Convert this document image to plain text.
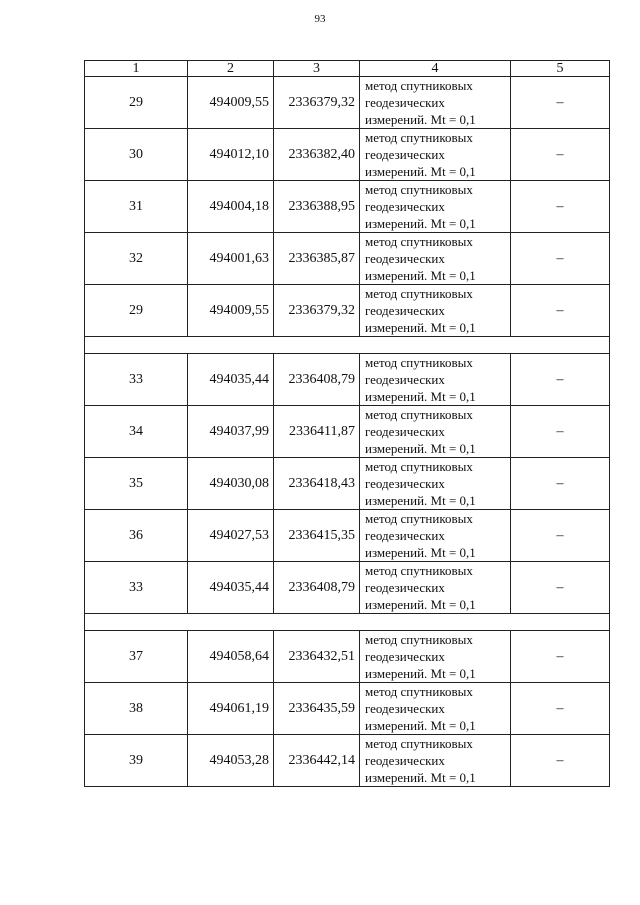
93
1	2	3	4	5
29	494009,55	2336379,32	метод спутниковых
геодезических
измерений. Mt = 0,1	–
30	494012,10	2336382,40	метод спутниковых
геодезических
измерений. Mt = 0,1	–
31	494004,18	2336388,95	метод спутниковых
геодезических
измерений. Mt = 0,1	–
32	494001,63	2336385,87	метод спутниковых
геодезических
измерений. Mt = 0,1	–
29	494009,55	2336379,32	метод спутниковых
геодезических
измерений. Mt = 0,1	–

33	494035,44	2336408,79	метод спутниковых
геодезических
измерений. Mt = 0,1	–
34	494037,99	2336411,87	метод спутниковых
геодезических
измерений. Mt = 0,1	–
35	494030,08	2336418,43	метод спутниковых
геодезических
измерений. Mt = 0,1	–
36	494027,53	2336415,35	метод спутниковых
геодезических
измерений. Mt = 0,1	–
33	494035,44	2336408,79	метод спутниковых
геодезических
измерений. Mt = 0,1	–

37	494058,64	2336432,51	метод спутниковых
геодезических
измерений. Mt = 0,1	–
38	494061,19	2336435,59	метод спутниковых
геодезических
измерений. Mt = 0,1	–
39	494053,28	2336442,14	метод спутниковых
геодезических
измерений. Mt = 0,1	–
